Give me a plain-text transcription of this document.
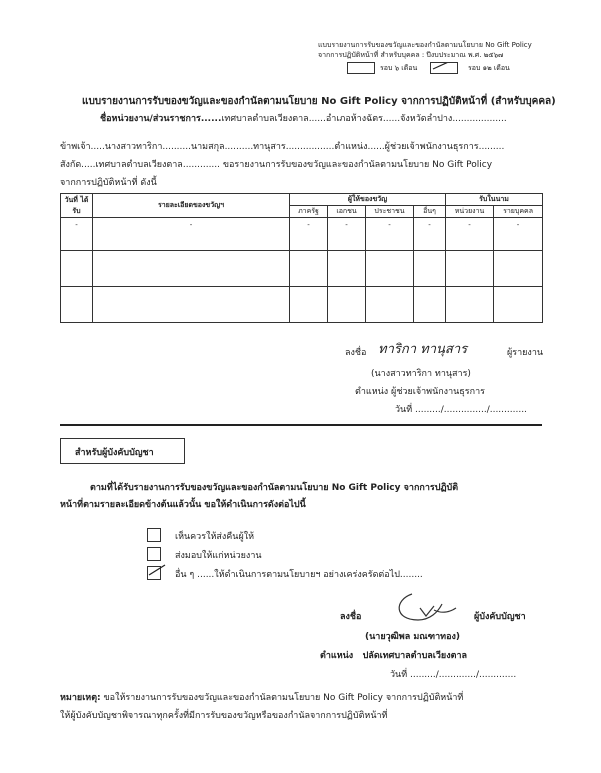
แบบรายงานการรับของขวัญและของกำนัลตามนโยบาย No Gift Policy
จากการปฏิบัติหน้าที่ สำหรับบุคคล : ปีงบประมาณ พ.ศ. ๒๕๖๗
รอบ ๖ เดือน	รอบ ๑๒ เดือน
แบบรายงานการรับของขวัญและของกำนัลตามนโยบาย No Gift Policy จากการปฏิบัติหน้าที่ (สำหรับบุคคล)
ชื่อหน่วยงาน/ส่วนราชการ......เทศบาลตำบลเวียงตาล......อำเภอห้างฉัตร......จังหวัดลำปาง...................
ข้าพเจ้า.....นางสาวทาริกา..........นามสกุล..........ทานุสาร.................ตำแหน่ง......ผู้ช่วยเจ้าพนักงานธุรการ.........
สังกัด.....เทศบาลตำบลเวียงตาล............. ขอรายงานการรับของขวัญและของกำนัลตามนโยบาย No Gift Policy
จากการปฏิบัติหน้าที่ ดังนี้
วันที่ ได้รับ	รายละเอียดของขวัญฯ	ผู้ให้ของขวัญ				รับในนาม	
		ภาครัฐ	เอกชน	ประชาชน	อื่นๆ	หน่วยงาน	รายบุคคล
-	-	-	-	-	-	-	-

ลงชื่อ ทาริกา ทานุสาร	ผู้รายงาน
(นางสาวทาริกา ทานุสาร)
ตำแหน่ง ผู้ช่วยเจ้าพนักงานธุรการ
วันที่ ........./.............../.............
สำหรับผู้บังคับบัญชา
ตามที่ได้รับรายงานการรับของขวัญและของกำนัลตามนโยบาย No Gift Policy จากการปฏิบัติ
หน้าที่ตามรายละเอียดข้างต้นแล้วนั้น ขอให้ดำเนินการดังต่อไปนี้
เห็นควรให้ส่งคืนผู้ให้
ส่งมอบให้แก่หน่วยงาน
อื่น ๆ ......ให้ดำเนินการตามนโยบายฯ อย่างเคร่งครัดต่อไป........
ลงชื่อ	ผู้บังคับบัญชา
(นายวุฒิพล มณฑาทอง)
ตำแหน่ง ปลัดเทศบาลตำบลเวียงตาล
วันที่ ........./............./.............
หมายเหตุ: ขอให้รายงานการรับของขวัญและของกำนัลตามนโยบาย No Gift Policy จากการปฏิบัติหน้าที่
ให้ผู้บังคับบัญชาพิจารณาทุกครั้งที่มีการรับของขวัญหรือของกำนัลจากการปฏิบัติหน้าที่
